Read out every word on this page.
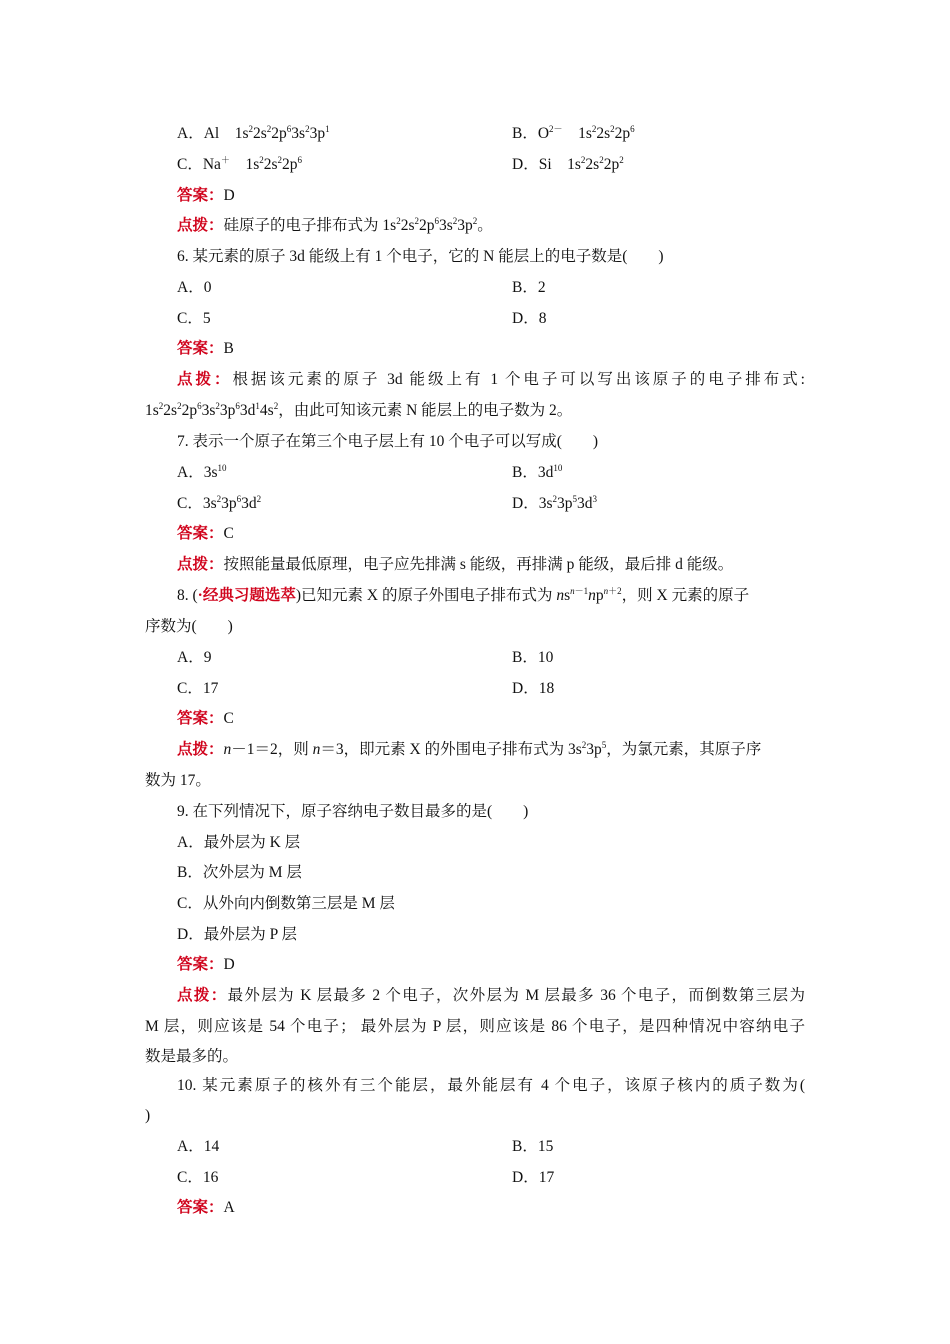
A．Al    $1s^22s^22p^63s^23p^1$	B．$O^{2-}$    $1s^22s^22p^6$
C．Na＋    $1s^22s^22p^6$	D．Si    $1s^22s^22p^2$
答案：D
点拨：硅原子的电子排布式为 $1s^22s^22p^63s^23p^2$。
6. 某元素的原子 3d 能级上有 1 个电子，它的 N 能层上的电子数是(　　)
A．0	B．2
C．5	D．8
答案：B
点拨：根据该元素的原子 3d 能级上有 1 个电子可以写出该原子的电子排布式:
$1s^22s^22p^63s^23p^63d^14s^2$，由此可知该元素 N 能层上的电子数为 2。
7. 表示一个原子在第三个电子层上有 10 个电子可以写成(　　)
A．$3s^{10}$	B．$3d^{10}$
C．$3s^23p^63d^2$	D．$3s^23p^53d^3$
答案：C
点拨：按照能量最低原理，电子应先排满 s 能级，再排满 p 能级，最后排 d 能级。
8. (·经典习题选萃)已知元素 X 的原子外围电子排布式为 $ns^{n-1}np^{n+2}$，则 X 元素的原子
序数为(　　)
A．9	B．10
C．17	D．18
答案：C
点拨：n－1＝2，则 n＝3，即元素 X 的外围电子排布式为 $3s^23p^5$，为氯元素，其原子序
数为 17。
9. 在下列情况下，原子容纳电子数目最多的是(　　)
A．最外层为 K 层
B．次外层为 M 层
C．从外向内倒数第三层是 M 层
D．最外层为 P 层
答案：D
点拨：最外层为 K 层最多 2 个电子，次外层为 M 层最多 36 个电子，而倒数第三层为
M 层，则应该是 54 个电子； 最外层为 P 层，则应该是 86 个电子，是四种情况中容纳电子
数是最多的。
10. 某元素原子的核外有三个能层，最外能层有 4 个电子，该原子核内的质子数为(
)
A．14	B．15
C．16	D．17
答案：A
